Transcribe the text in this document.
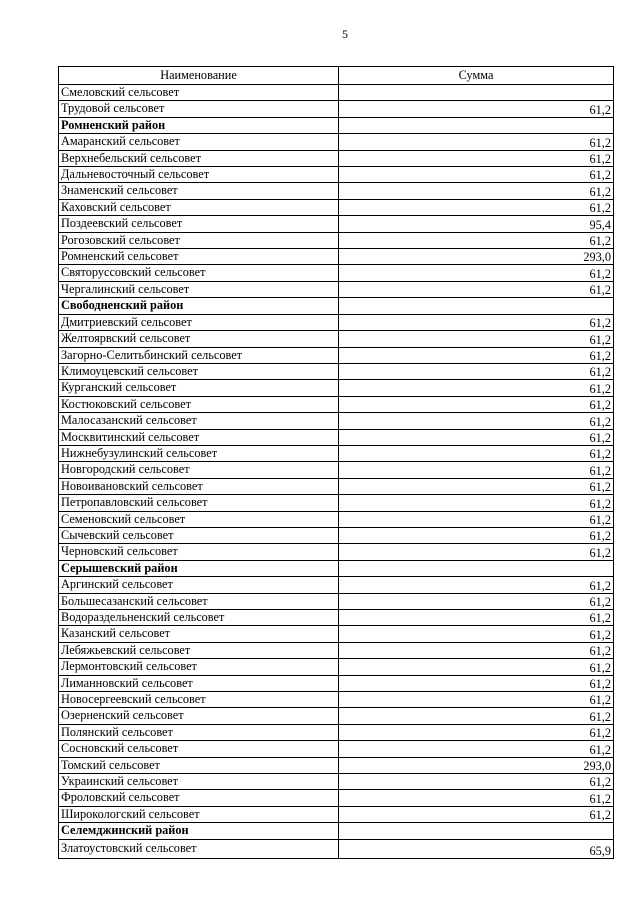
5
Наименование	Сумма
Смеловский сельсовет	
Трудовой сельсовет	61,2
Ромненский район	
Амаранский сельсовет	61,2
Верхнебельский сельсовет	61,2
Дальневосточный сельсовет	61,2
Знаменский сельсовет	61,2
Каховский сельсовет	61,2
Поздеевский сельсовет	95,4
Рогозовский сельсовет	61,2
Ромненский сельсовет	293,0
Святоруссовский сельсовет	61,2
Чергалинский сельсовет	61,2
Свободненский район	
Дмитриевский сельсовет	61,2
Желтоярвский сельсовет	61,2
Загорно-Селитьбинский сельсовет	61,2
Климоуцевский сельсовет	61,2
Курганский сельсовет	61,2
Костюковский сельсовет	61,2
Малосазанский сельсовет	61,2
Москвитинский сельсовет	61,2
Нижнебузулинский сельсовет	61,2
Новгородский сельсовет	61,2
Новоивановский сельсовет	61,2
Петропавловский сельсовет	61,2
Семеновский сельсовет	61,2
Сычевский сельсовет	61,2
Черновский сельсовет	61,2
Серышевский район	
Аргинский сельсовет	61,2
Большесазанский сельсовет	61,2
Водораздельненский сельсовет	61,2
Казанский сельсовет	61,2
Лебяжьевский сельсовет	61,2
Лермонтовский сельсовет	61,2
Лиманновский сельсовет	61,2
Новосергеевский сельсовет	61,2
Озерненский сельсовет	61,2
Полянский сельсовет	61,2
Сосновский сельсовет	61,2
Томский сельсовет	293,0
Украинский сельсовет	61,2
Фроловский сельсовет	61,2
Широкологский сельсовет	61,2
Селемджинский район	
Златоустовский сельсовет	65,9
